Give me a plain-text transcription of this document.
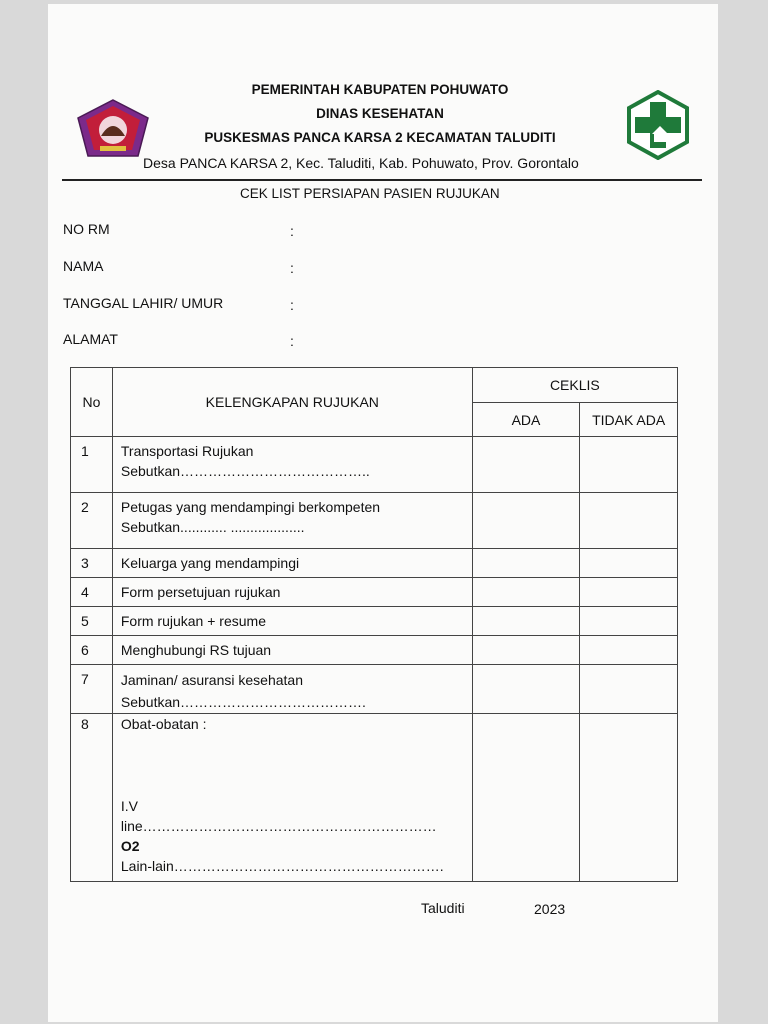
PEMERINTAH KABUPATEN POHUWATO
DINAS KESEHATAN
PUSKESMAS PANCA KARSA 2 KECAMATAN TALUDITI
Desa PANCA KARSA 2, Kec. Taluditi, Kab. Pohuwato, Prov. Gorontalo
CEK LIST PERSIAPAN PASIEN RUJUKAN
NO RM	:
NAMA	:
TANGGAL LAHIR/ UMUR	:
ALAMAT	:
No	KELENGKAPAN RUJUKAN	CEKLIS	
		ADA	TIDAK ADA
1	Transportasi Rujukan
Sebutkan…………………………………..		

2	Petugas yang mendampingi berkompeten
Sebutkan............ ...................		

3	Keluarga yang mendampingi		
4	Form persetujuan rujukan		
5	Form rujukan + resume		
6	Menghubungi RS tujuan		
7	Jaminan/ asuransi kesehatan
Sebutkan………………………………….		

8	Obat-obatan :
I.V
line………………………………………………………
O2
Lain-lain………………………………………………….		

Taluditi	2023
